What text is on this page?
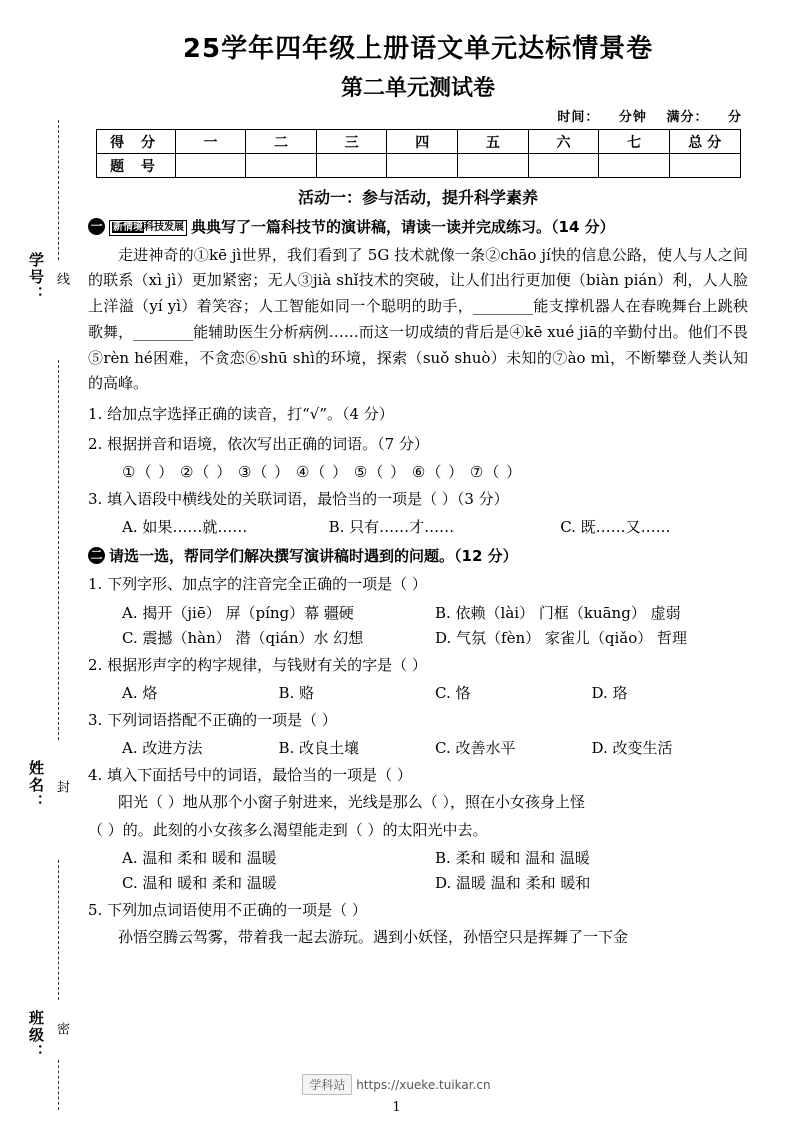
学号： 线
姓名： 封
班级： 密
25学年四年级上册语文单元达标情景卷
第二单元测试卷
时间： 分钟 满分： 分
得 分	一	二	三	四	五	六	七	总 分
题 号								
活动一：参与活动，提升科学素养
一 新情境科技发展 典典写了一篇科技节的演讲稿，请读一读并完成练习。（14 分）
走进神奇的①kē jì世界，我们看到了 5G 技术就像一条②chāo jí快的信息公路，使人与人之间的联系（xì jì）更加紧密；无人③jià shǐ技术的突破，让人们出行更加便（biàn pián）利，人人脸上洋溢（yí yì）着笑容；人工智能如同一个聪明的助手，________能支撑机器人在春晚舞台上跳秧歌舞，________能辅助医生分析病例……而这一切成绩的背后是④kē xué jiā的辛勤付出。他们不畏⑤rèn hé困难，不贪恋⑥shū shì的环境，探索（suǒ shuò）未知的⑦ào mì，不断攀登人类认知的高峰。
1. 给加点字选择正确的读音，打“√”。（4 分）
2. 根据拼音和语境，依次写出正确的词语。（7 分）
①（ ） ②（ ） ③（ ） ④（ ） ⑤（ ） ⑥（ ） ⑦（ ）
3. 填入语段中横线处的关联词语，最恰当的一项是（ ）（3 分）
A. 如果……就……	B. 只有……才……	C. 既……又……
二 请选一选，帮同学们解决撰写演讲稿时遇到的问题。（12 分）
1. 下列字形、加点字的注音完全正确的一项是（ ）
A. 揭开（jiē） 屏（píng）幕 疆硬	B. 依赖（lài） 门框（kuāng） 虚弱
C. 震撼（hàn） 潜（qián）水 幻想	D. 气氛（fèn） 家雀儿（qiǎo） 哲理
2. 根据形声字的构字规律，与钱财有关的字是（ ）
A. 烙	B. 赂	C. 恪	D. 珞
3. 下列词语搭配不正确的一项是（ ）
A. 改进方法	B. 改良土壤	C. 改善水平	D. 改变生活
4. 填入下面括号中的词语，最恰当的一项是（ ）
阳光（ ）地从那个小窗子射进来，光线是那么（ ），照在小女孩身上怪
（ ）的。此刻的小女孩多么渴望能走到（ ）的太阳光中去。
A. 温和 柔和 暖和 温暖	B. 柔和 暖和 温和 温暖
C. 温和 暖和 柔和 温暖	D. 温暖 温和 柔和 暖和
5. 下列加点词语使用不正确的一项是（ ）
孙悟空腾云驾雾，带着我一起去游玩。遇到小妖怪，孙悟空只是挥舞了一下金
学科站 https://xueke.tuikar.cn
1
